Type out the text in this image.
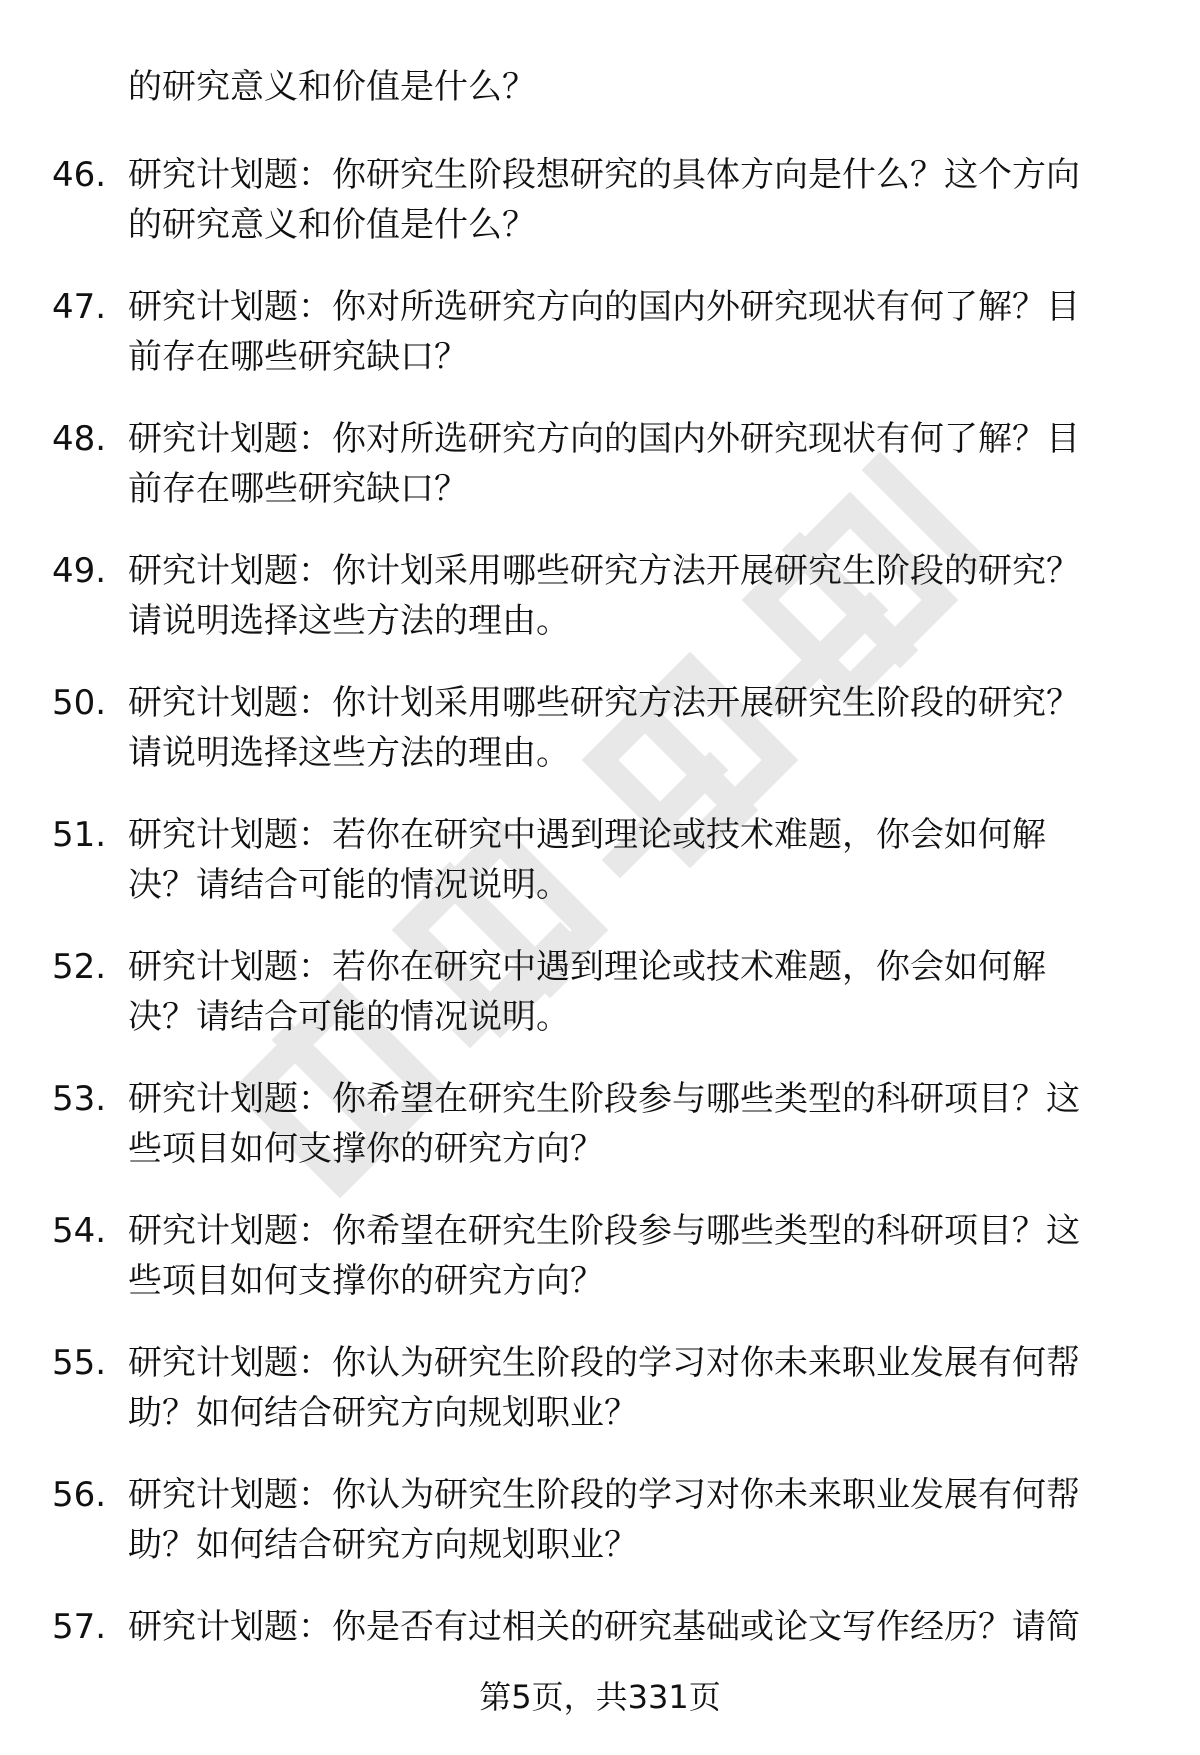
的研究意义和价值是什么？
46. 研究计划题：你研究生阶段想研究的具体方向是什么？这个方向
的研究意义和价值是什么？
47. 研究计划题：你对所选研究方向的国内外研究现状有何了解？目
前存在哪些研究缺口？
48. 研究计划题：你对所选研究方向的国内外研究现状有何了解？目
前存在哪些研究缺口？
49. 研究计划题：你计划采用哪些研究方法开展研究生阶段的研究？
请说明选择这些方法的理由。
50. 研究计划题：你计划采用哪些研究方法开展研究生阶段的研究？
请说明选择这些方法的理由。
51. 研究计划题：若你在研究中遇到理论或技术难题，你会如何解
决？请结合可能的情况说明。
52. 研究计划题：若你在研究中遇到理论或技术难题，你会如何解
决？请结合可能的情况说明。
53. 研究计划题：你希望在研究生阶段参与哪些类型的科研项目？这
些项目如何支撑你的研究方向？
54. 研究计划题：你希望在研究生阶段参与哪些类型的科研项目？这
些项目如何支撑你的研究方向？
55. 研究计划题：你认为研究生阶段的学习对你未来职业发展有何帮
助？如何结合研究方向规划职业？
56. 研究计划题：你认为研究生阶段的学习对你未来职业发展有何帮
助？如何结合研究方向规划职业？
57. 研究计划题：你是否有过相关的研究基础或论文写作经历？请简
第5页，共331页
